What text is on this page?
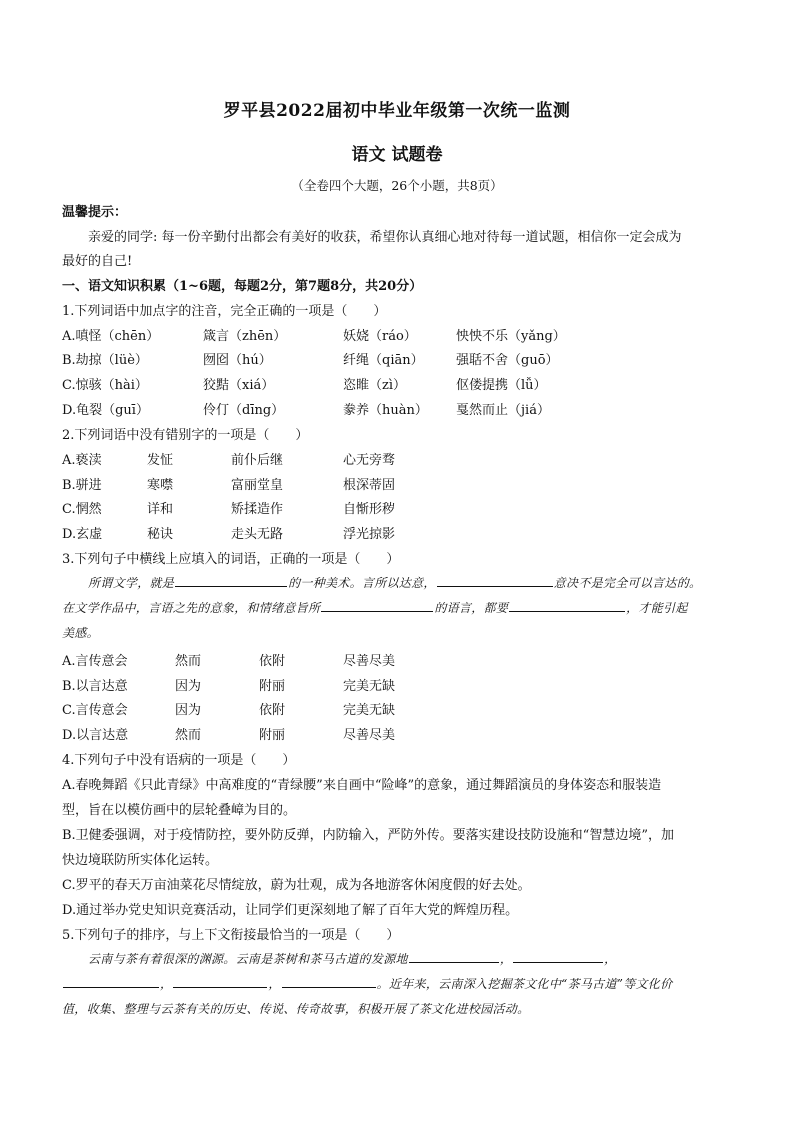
罗平县2022届初中毕业年级第一次统一监测
语文 试题卷
（全卷四个大题，26个小题，共8页）
温馨提示：
亲爱的同学: 每一份辛勤付出都会有美好的收获，希望你认真细心地对待每一道试题，相信你一定会成为
最好的自己!
一、语文知识积累（1~6题，每题2分，第7题8分，共20分）
1.下列词语中加点字的注音，完全正确的一项是（　　）
A.嗔怪（chēn）	箴言（zhēn）	妖娆（ráo）	怏怏不乐（yǎng）
B.劫掠（lüè）	囫囵（hú）	纤绳（qiān） 强聒不舍（guō）
C.惊骇（hài）	狡黠（xiá）	恣睢（zì）	伛偻提携（lǚ）
D.龟裂（guī）	伶仃（dīng）	豢养（huàn） 戛然而止（jiá）
2.下列词语中没有错别字的一项是（　　）
A.亵渎	发怔	前仆后继	心无旁骛
B.骈进	寒噤	富丽堂皇	根深蒂固
C.惘然	详和	矫揉造作	自惭形秽
D.玄虚	秘诀	走头无路	浮光掠影
3.下列句子中横线上应填入的词语，正确的一项是（　　）
所谓文学，就是	的一种美术。言所以达意，	意决不是完全可以言达的。
在文学作品中，言语之先的意象，和情绪意旨所	的语言，都要	，才能引起
美感。
A.言传意会	然而	依附	尽善尽美
B.以言达意	因为	附丽	完美无缺
C.言传意会	因为	依附	完美无缺
D.以言达意	然而	附丽	尽善尽美
4.下列句子中没有语病的一项是（　　）
A.春晚舞蹈《只此青绿》中高难度的“青绿腰”来自画中“险峰”的意象，通过舞蹈演员的身体姿态和服装造
型，旨在以模仿画中的层轮叠嶂为目的。
B.卫健委强调，对于疫情防控，要外防反弹，内防输入，严防外传。要落实建设技防设施和“智慧边境”，加
快边境联防所实体化运转。
C.罗平的春天万亩油菜花尽情绽放，蔚为壮观，成为各地游客休闲度假的好去处。
D.通过举办党史知识竞赛活动，让同学们更深刻地了解了百年大党的辉煌历程。
5.下列句子的排序，与上下文衔接最恰当的一项是（　　）
云南与茶有着很深的渊源。云南是茶树和茶马古道的发源地	，	，
，	，	。近年来，云南深入挖掘茶文化中“茶马古道”等文化价
值，收集、整理与云茶有关的历史、传说、传奇故事，积极开展了茶文化进校园活动。
